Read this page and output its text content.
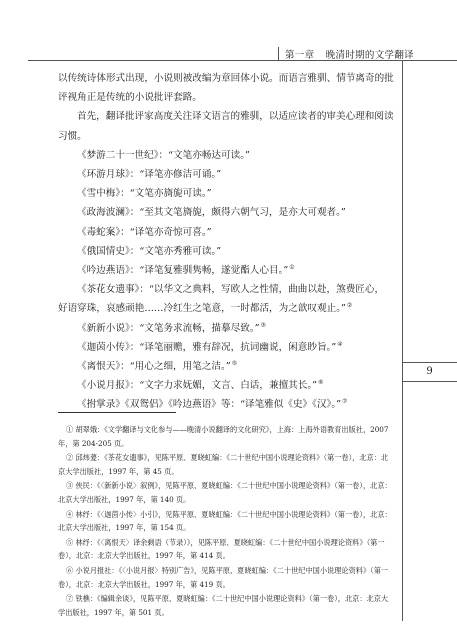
第一章 晚清时期的文学翻译
9

以传统诗体形式出现，小说则被改编为章回体小说。而语言雅驯、情节离奇的批

评视角正是传统的小说批评套路。

首先，翻译批评家高度关注译文语言的雅驯，以适应读者的审美心理和阅读

习惯。

《梦游二十一世纪》：“文笔亦畅达可读。”
《环游月球》：“译笔亦修洁可诵。”
《雪中梅》：“文笔亦旖旎可读。”
《政海波澜》：“至其文笔旖旎，颇得六朝气习，是亦大可观者。”
《毒蛇案》：“译笔亦奇惊可喜。”
《俄国情史》：“文笔亦秀雅可读。”
《吟边燕语》：“译笔复雅驯隽畅，遂觉酯人心目。”①
《茶花女遗事》：“以华文之典料，写欧人之性情，曲曲以赴，煞费匠心，
好语穿珠，哀感顽艳……冷红生之笔意，一时都活，为之歆叹观止。”②
《新新小说》：“文笔务求流畅，描摹尽致。”③
《迦茵小传》：“译笔丽赡，雅有辞况，抗词幽说，闲意眇旨。”④
《离恨天》：“用心之细，用笔之洁。”⑤
《小说月报》：“文字力求妩媚，文言、白话，兼擅其长。”⑥
《拊掌录》《双鸳侣》《吟边燕语》等：“译笔雅似《史》《汉》。”⑦

① 胡翠娥：《文学翻译与文化参与——晚清小说翻译的文化研究》，上海：上海外语教育出版社，2007 年，第 204-205 页。

② 邱炜萲：《茶花女遗事》，见陈平原、夏晓虹编：《二十世纪中国小说理论资料》（第一卷），北京：北京大学出版社，1997 年，第 45 页。

③ 侠民：《〈新新小说〉叙例》，见陈平原、夏晓虹编：《二十世纪中国小说理论资料》（第一卷），北京：北京大学出版社，1997 年，第 140 页。

④ 林纾：《〈迦茵小传〉小引》，见陈平原、夏晓虹编：《二十世纪中国小说理论资料》（第一卷），北京：北京大学出版社，1997 年，第 154 页。

⑤ 林纾：《〈离恨天〉译余剩语（节录）》，见陈平原、夏晓虹编：《二十世纪中国小说理论资料》（第一卷），北京：北京大学出版社，1997 年，第 414 页。

⑥ 小说月报社：《〈小说月报〉特别广告》，见陈平原、夏晓虹编：《二十世纪中国小说理论资料》（第一卷），北京：北京大学出版社，1997 年，第 419 页。

⑦ 铁樵：《编辑余谈》，见陈平原、夏晓虹编：《二十世纪中国小说理论资料》（第一卷），北京：北京大学出版社，1997 年，第 501 页。
